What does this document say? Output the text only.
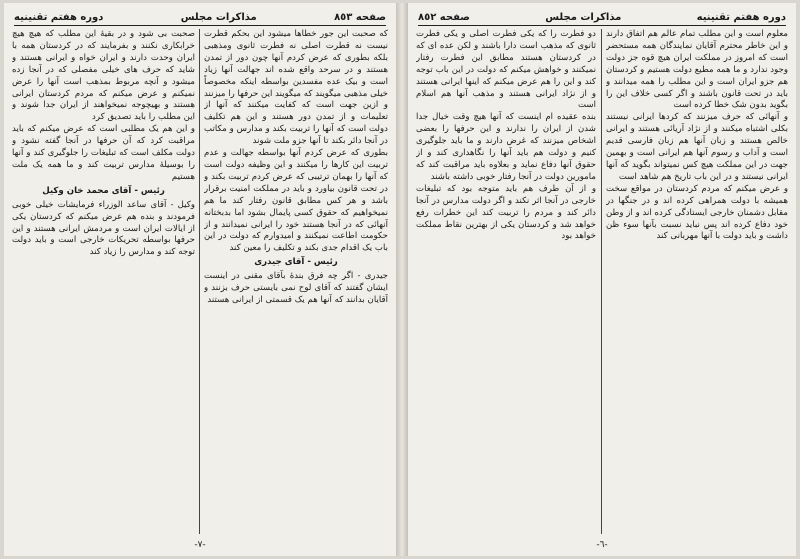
صفحه ٨٥٣
مذاکرات مجلس
دوره هفتم تقنینیه

که صحبت این جور خطاها میشود این بحکم قطرت نیست نه قطرت اصلی نه فطرت ثانوی ومذهبی بلکه بطوری که عرض کردم آنها چون دور از تمدن هستند و در سرحد واقع شده اند جهالت آنها زیاد است و بیک عده مفسدین بواسطه اینکه مخصوصاً خیلی مذهبی میگویند که میگویند این حرفها را میزنند و ازین جهت است که کفایت میکنند که آنها از تعلیمات و از تمدن دور هستند و این هم تکلیف دولت است که آنها را تربیت بکند و مدارس و مکاتب در آنجا دائر بکند تا آنها جزو ملت شوند

بطوری که عرض کردم آنها بواسطه جهالت و عدم تربیت این کارها را میکنند و این وظیفه دولت است که آنها را بهمان ترتیبی که عرض کردم تربیت بکند و در تحت قانون بیاورد و باید در مملکت امنیت برقرار باشد و هر کس مطابق قانون رفتار کند ما هم نمیخواهیم که حقوق کسی پایمال بشود اما بدبختانه آنهائی که در آنجا هستند خود را ایرانی نمیدانند و از حکومت اطاعت نمیکنند و امیدوارم که دولت در این باب یک اقدام جدی بکند و تکلیف را معین کند

رئیس - آقای جیدری

جیدری - اگر چه فرق بندۀ بآقای مقنی در اینست ایشان گفتند که آقای لوح نمی بایستی حرف بزنند و آقایان بدانند که آنها هم یک قسمتی از ایرانی هستند

صحبت بی شود و در بقیۀ این مطلب که هیچ هیچ خرابکاری نکنند و بفرمایند که در کردستان همه با ایران وحدت دارند و ایران خواه و ایرانی هستند و شاید که حرف های خیلی مفصلی که در آنجا زده میشود و آنچه مربوط بمذهب است آنها را عرض نمیکنم و عرض میکنم که مردم کردستان ایرانی هستند و بهیچوجه نمیخواهند از ایران جدا شوند و این مطلب را باید تصدیق کرد

و این هم یک مطلبی است که عرض میکنم که باید مراقبت کرد که آن حرفها در آنجا گفته نشود و دولت مکلف است که تبلیغات را جلوگیری کند و آنها را بوسیلۀ مدارس تربیت کند و ما همه یک ملت هستیم

رئیس - آقای محمد خان وکیل

وکیل - آقای ساعد الوزراء فرمایشات خیلی خوبی فرمودند و بنده هم عرض میکنم که کردستان یکی از ایالات ایران است و مردمش ایرانی هستند و این حرفها بواسطه تحریکات خارجی است و باید دولت توجه کند و مدارس را زیاد کند

-٧-
دوره هفتم تقنینیه
مذاکرات مجلس
صفحه ٨٥٢

معلوم است و این مطلب تمام عالم هم اتفاق دارند و این خاطر محترم آقایان نمایندگان همه مستحضر است که امروز در مملکت ایران هیچ قوه جز دولت وجود ندارد و ما همه مطیع دولت هستیم و کردستان هم جزو ایران است و این مطلب را همه میدانند و باید در تحت قانون باشند و اگر کسی خلاف این را بگوید بدون شک خطا کرده است

و آنهائی که حرف میزنند که کردها ایرانی نیستند بکلی اشتباه میکنند و از نژاد آریائی هستند و ایرانی خالص هستند و زبان آنها هم زبان فارسی قدیم است و آداب و رسوم آنها هم ایرانی است و بهمین جهت در این مملکت هیچ کس نمیتواند بگوید که آنها ایرانی نیستند و در این باب تاریخ هم شاهد است

و عرض میکنم که مردم کردستان در مواقع سخت همیشه با دولت همراهی کرده اند و در جنگها در مقابل دشمنان خارجی ایستادگی کرده اند و از وطن خود دفاع کرده اند پس نباید نسبت بآنها سوء ظن داشت و باید دولت با آنها مهربانی کند

دو فطرت را که یکی فطرت اصلی و یکی فطرت ثانوی که مذهب است دارا باشند و لکن عده ای که در کردستان هستند مطابق این فطرت رفتار نمیکنند و خواهش میکنم که دولت در این باب توجه کند و این را هم عرض میکنم که اینها ایرانی هستند و از نژاد ایرانی هستند و مذهب آنها هم اسلام است

بنده عقیده ام اینست که آنها هیچ وقت خیال جدا شدن از ایران را ندارند و این حرفها را بعضی اشخاص میزنند که غرض دارند و ما باید جلوگیری کنیم و دولت هم باید آنها را نگاهداری کند و از حقوق آنها دفاع نماید و بعلاوه باید مراقبت کند که مامورین دولت در آنجا رفتار خوبی داشته باشند

و از آن طرف هم باید متوجه بود که تبلیغات خارجی در آنجا اثر نکند و اگر دولت مدارس در آنجا دائر کند و مردم را تربیت کند این خطرات رفع خواهد شد و کردستان یکی از بهترین نقاط مملکت خواهد بود

-٦-
